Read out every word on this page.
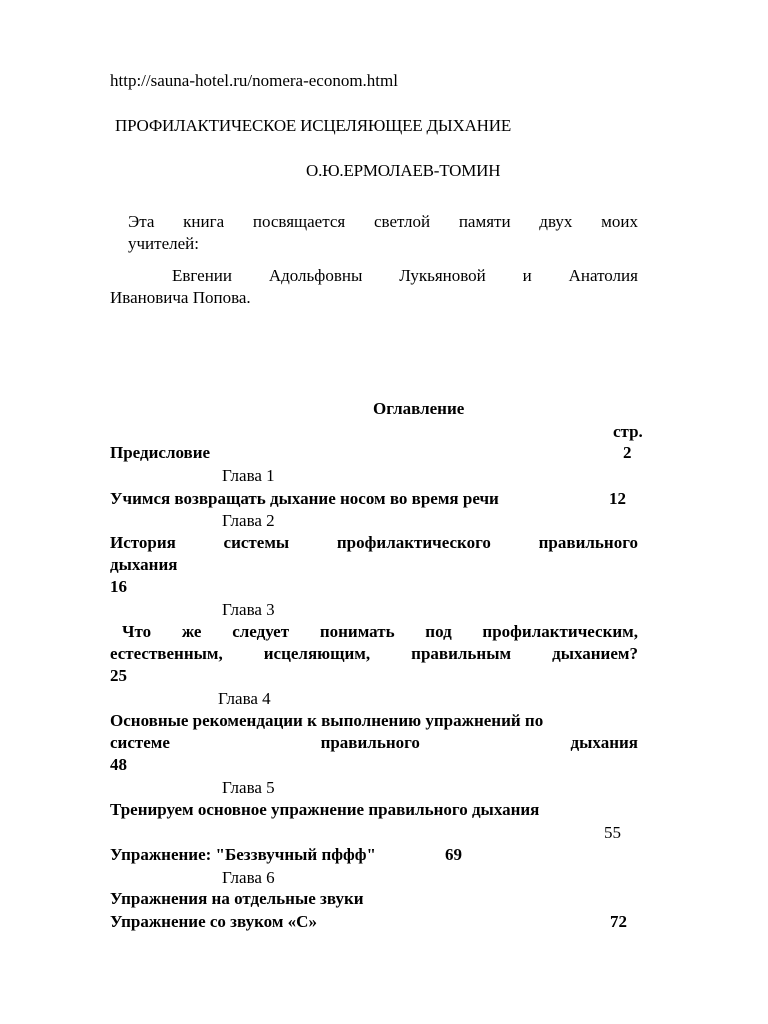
http://sauna-hotel.ru/nomera-econom.html
ПРОФИЛАКТИЧЕСКОЕ ИСЦЕЛЯЮЩЕЕ ДЫХАНИЕ
О.Ю.ЕРМОЛАЕВ-ТОМИН
Эта книга посвящается светлой памяти двух моих
учителей:
Евгении Адольфовны Лукьяновой и Анатолия
Ивановича Попова.
Оглавление
стр.
Предисловие	2
Глава 1
Учимся возвращать дыхание носом во время речи	12
Глава 2
История	системы	профилактического	правильного
дыхания
16
Глава 3
Что же следует понимать под профилактическим,
естественным, исцеляющим, правильным дыханием?
25
Глава 4
Основные рекомендации к выполнению упражнений по
системе	правильного	дыхания
48
Глава 5
Тренируем основное упражнение правильного дыхания
55
Упражнение: "Беззвучный пффф"	69
Глава 6
Упражнения на отдельные звуки
Упражнение со звуком «С»	72
